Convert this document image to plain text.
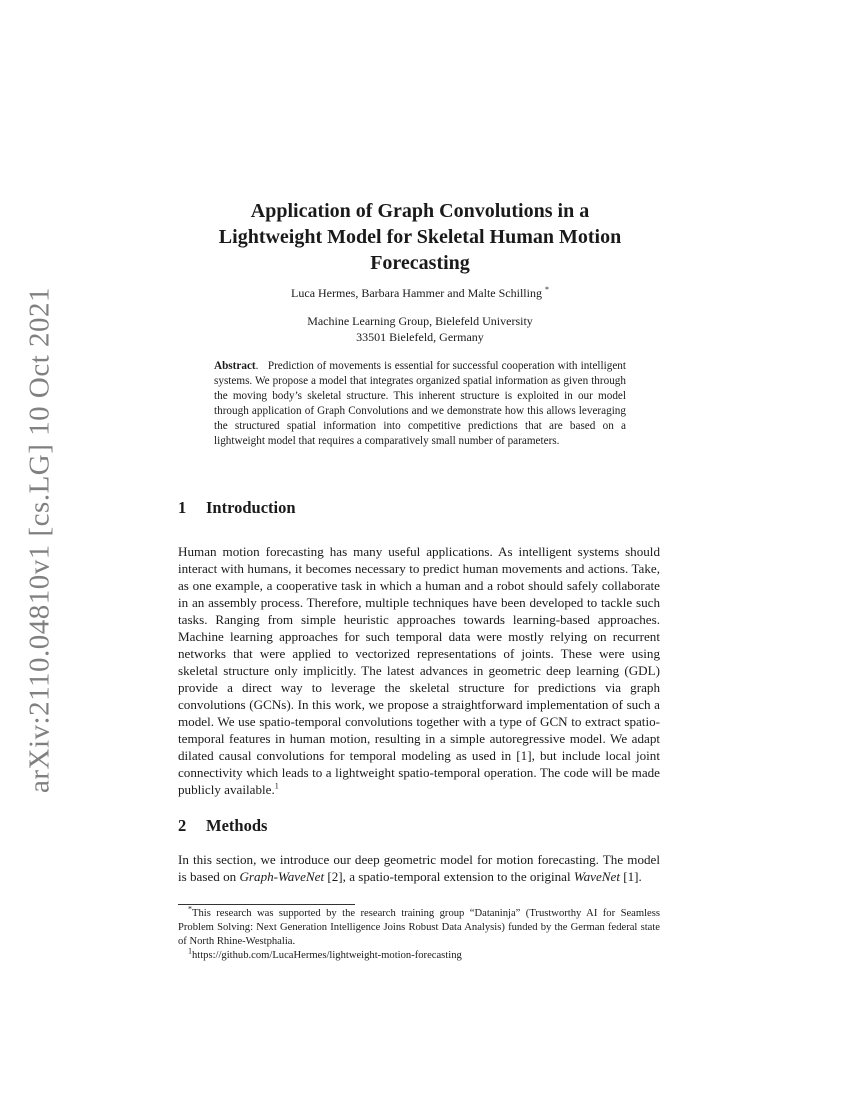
arXiv:2110.04810v1 [cs.LG] 10 Oct 2021
Application of Graph Convolutions in a
Lightweight Model for Skeletal Human Motion
Forecasting
Luca Hermes, Barbara Hammer and Malte Schilling *
Machine Learning Group, Bielefeld University
33501 Bielefeld, Germany
Abstract.   Prediction of movements is essential for successful cooperation with intelligent systems. We propose a model that integrates organized spatial information as given through the moving body’s skeletal structure. This inherent structure is exploited in our model through application of Graph Convolutions and we demonstrate how this allows leveraging the structured spatial information into competitive predictions that are based on a lightweight model that requires a comparatively small number of parameters.
1 Introduction

Human motion forecasting has many useful applications. As intelligent systems should interact with humans, it becomes necessary to predict human movements and actions. Take, as one example, a cooperative task in which a human and a robot should safely collaborate in an assembly process. Therefore, multiple techniques have been developed to tackle such tasks. Ranging from simple heuristic approaches towards learning-based approaches. Machine learning approaches for such temporal data were mostly relying on recurrent networks that were applied to vectorized representations of joints. These were using skeletal structure only implicitly. The latest advances in geometric deep learning (GDL) provide a direct way to leverage the skeletal structure for predictions via graph convolutions (GCNs). In this work, we propose a straightforward implementation of such a model. We use spatio-temporal convolutions together with a type of GCN to extract spatio-temporal features in human motion, resulting in a simple autoregressive model. We adapt dilated causal convolutions for temporal modeling as used in [1], but include local joint connectivity which leads to a lightweight spatio-temporal operation. The code will be made publicly available.$^1$

2 Methods

In this section, we introduce our deep geometric model for motion forecasting. The model is based on Graph-WaveNet [2], a spatio-temporal extension to the original WaveNet [1].

*This research was supported by the research training group “Dataninja” (Trustworthy AI for Seamless Problem Solving: Next Generation Intelligence Joins Robust Data Analysis) funded by the German federal state of North Rhine-Westphalia.

$^1$https://github.com/LucaHermes/lightweight-motion-forecasting
